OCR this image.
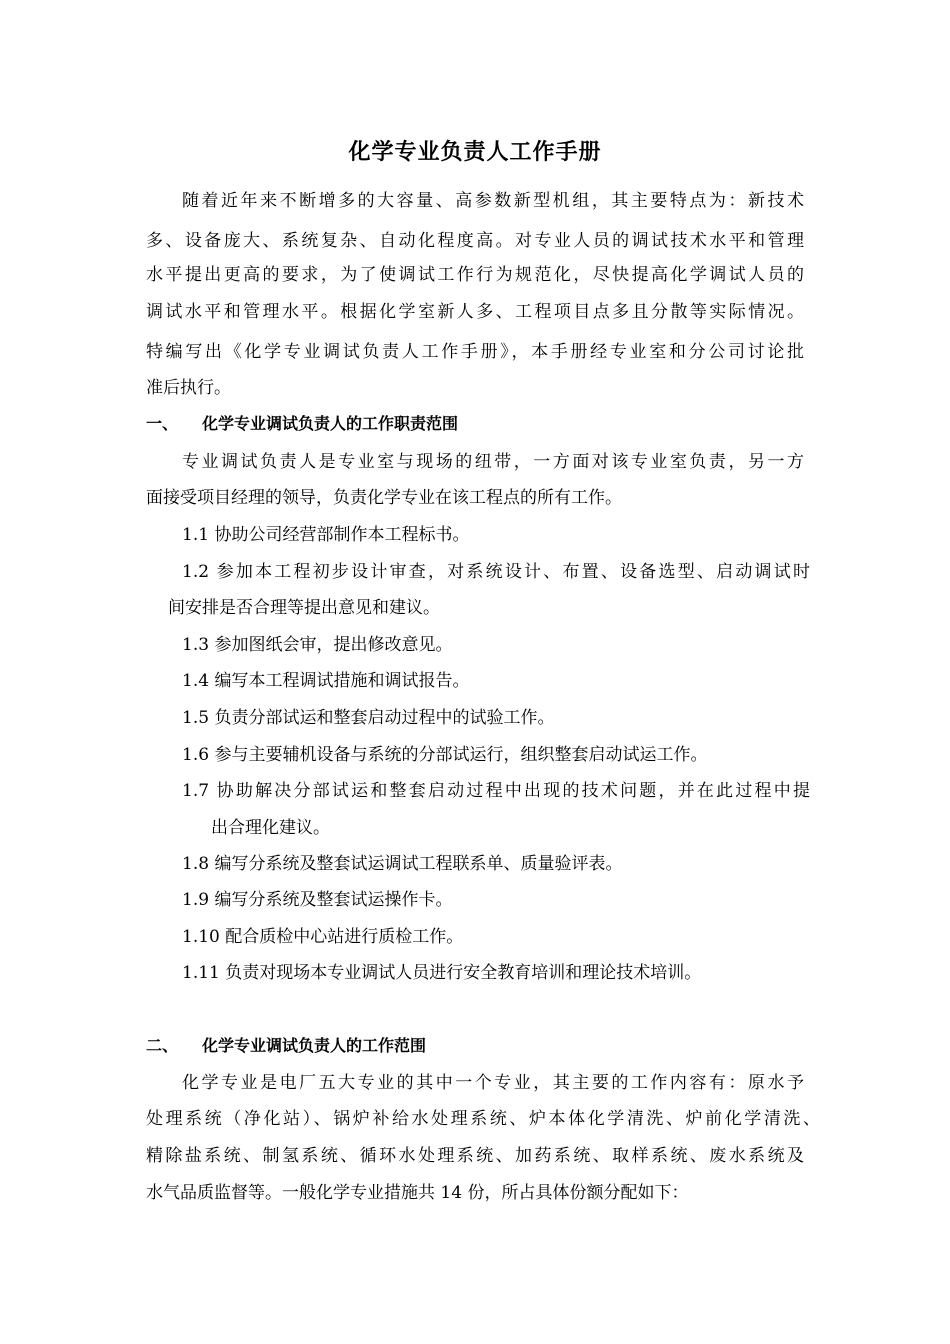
化学专业负责人工作手册
随着近年来不断增多的大容量、高参数新型机组，其主要特点为：新技术
多、设备庞大、系统复杂、自动化程度高。对专业人员的调试技术水平和管理
水平提出更高的要求，为了使调试工作行为规范化，尽快提高化学调试人员的
调试水平和管理水平。根据化学室新人多、工程项目点多且分散等实际情况。
特编写出《化学专业调试负责人工作手册》，本手册经专业室和分公司讨论批
准后执行。
一、 化学专业调试负责人的工作职责范围
专业调试负责人是专业室与现场的纽带，一方面对该专业室负责，另一方
面接受项目经理的领导，负责化学专业在该工程点的所有工作。
1.1 协助公司经营部制作本工程标书。
1.2 参加本工程初步设计审查，对系统设计、布置、设备选型、启动调试时
间安排是否合理等提出意见和建议。
1.3 参加图纸会审，提出修改意见。
1.4 编写本工程调试措施和调试报告。
1.5 负责分部试运和整套启动过程中的试验工作。
1.6 参与主要辅机设备与系统的分部试运行，组织整套启动试运工作。
1.7 协助解决分部试运和整套启动过程中出现的技术问题，并在此过程中提
出合理化建议。
1.8 编写分系统及整套试运调试工程联系单、质量验评表。
1.9 编写分系统及整套试运操作卡。
1.10 配合质检中心站进行质检工作。
1.11 负责对现场本专业调试人员进行安全教育培训和理论技术培训。
二、 化学专业调试负责人的工作范围
化学专业是电厂五大专业的其中一个专业，其主要的工作内容有：原水予
处理系统（净化站）、锅炉补给水处理系统、炉本体化学清洗、炉前化学清洗、
精除盐系统、制氢系统、循环水处理系统、加药系统、取样系统、废水系统及
水气品质监督等。一般化学专业措施共 14 份，所占具体份额分配如下：
